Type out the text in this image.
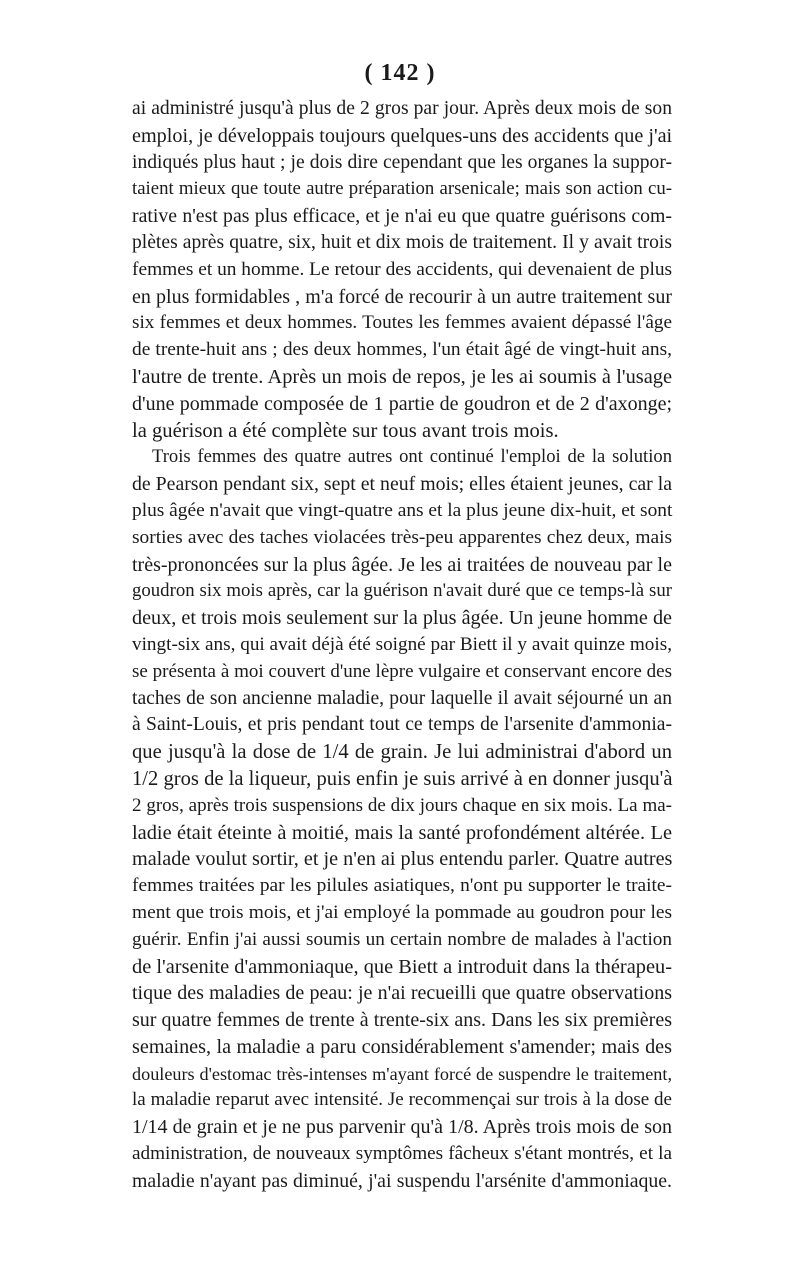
( 142 )
ai administré jusqu'à plus de 2 gros par jour. Après deux mois de son
emploi, je développais toujours quelques-uns des accidents que j'ai
indiqués plus haut ; je dois dire cependant que les organes la suppor-
taient mieux que toute autre préparation arsenicale; mais son action cu-
rative n'est pas plus efficace, et je n'ai eu que quatre guérisons com-
plètes après quatre, six, huit et dix mois de traitement. Il y avait trois
femmes et un homme. Le retour des accidents, qui devenaient de plus
en plus formidables , m'a forcé de recourir à un autre traitement sur
six femmes et deux hommes. Toutes les femmes avaient dépassé l'âge
de trente-huit ans ; des deux hommes, l'un était âgé de vingt-huit ans,
l'autre de trente. Après un mois de repos, je les ai soumis à l'usage
d'une pommade composée de 1 partie de goudron et de 2 d'axonge;
la guérison a été complète sur tous avant trois mois.
Trois femmes des quatre autres ont continué l'emploi de la solution
de Pearson pendant six, sept et neuf mois; elles étaient jeunes, car la
plus âgée n'avait que vingt-quatre ans et la plus jeune dix-huit, et sont
sorties avec des taches violacées très-peu apparentes chez deux, mais
très-prononcées sur la plus âgée. Je les ai traitées de nouveau par le
goudron six mois après, car la guérison n'avait duré que ce temps-là sur
deux, et trois mois seulement sur la plus âgée. Un jeune homme de
vingt-six ans, qui avait déjà été soigné par Biett il y avait quinze mois,
se présenta à moi couvert d'une lèpre vulgaire et conservant encore des
taches de son ancienne maladie, pour laquelle il avait séjourné un an
à Saint-Louis, et pris pendant tout ce temps de l'arsenite d'ammonia-
que jusqu'à la dose de 1/4 de grain. Je lui administrai d'abord un
1/2 gros de la liqueur, puis enfin je suis arrivé à en donner jusqu'à
2 gros, après trois suspensions de dix jours chaque en six mois. La ma-
ladie était éteinte à moitié, mais la santé profondément altérée. Le
malade voulut sortir, et je n'en ai plus entendu parler. Quatre autres
femmes traitées par les pilules asiatiques, n'ont pu supporter le traite-
ment que trois mois, et j'ai employé la pommade au goudron pour les
guérir. Enfin j'ai aussi soumis un certain nombre de malades à l'action
de l'arsenite d'ammoniaque, que Biett a introduit dans la thérapeu-
tique des maladies de peau: je n'ai recueilli que quatre observations
sur quatre femmes de trente à trente-six ans. Dans les six premières
semaines, la maladie a paru considérablement s'amender; mais des
douleurs d'estomac très-intenses m'ayant forcé de suspendre le traitement,
la maladie reparut avec intensité. Je recommençai sur trois à la dose de
1/14 de grain et je ne pus parvenir qu'à 1/8. Après trois mois de son
administration, de nouveaux symptômes fâcheux s'étant montrés, et la
maladie n'ayant pas diminué, j'ai suspendu l'arsénite d'ammoniaque.
